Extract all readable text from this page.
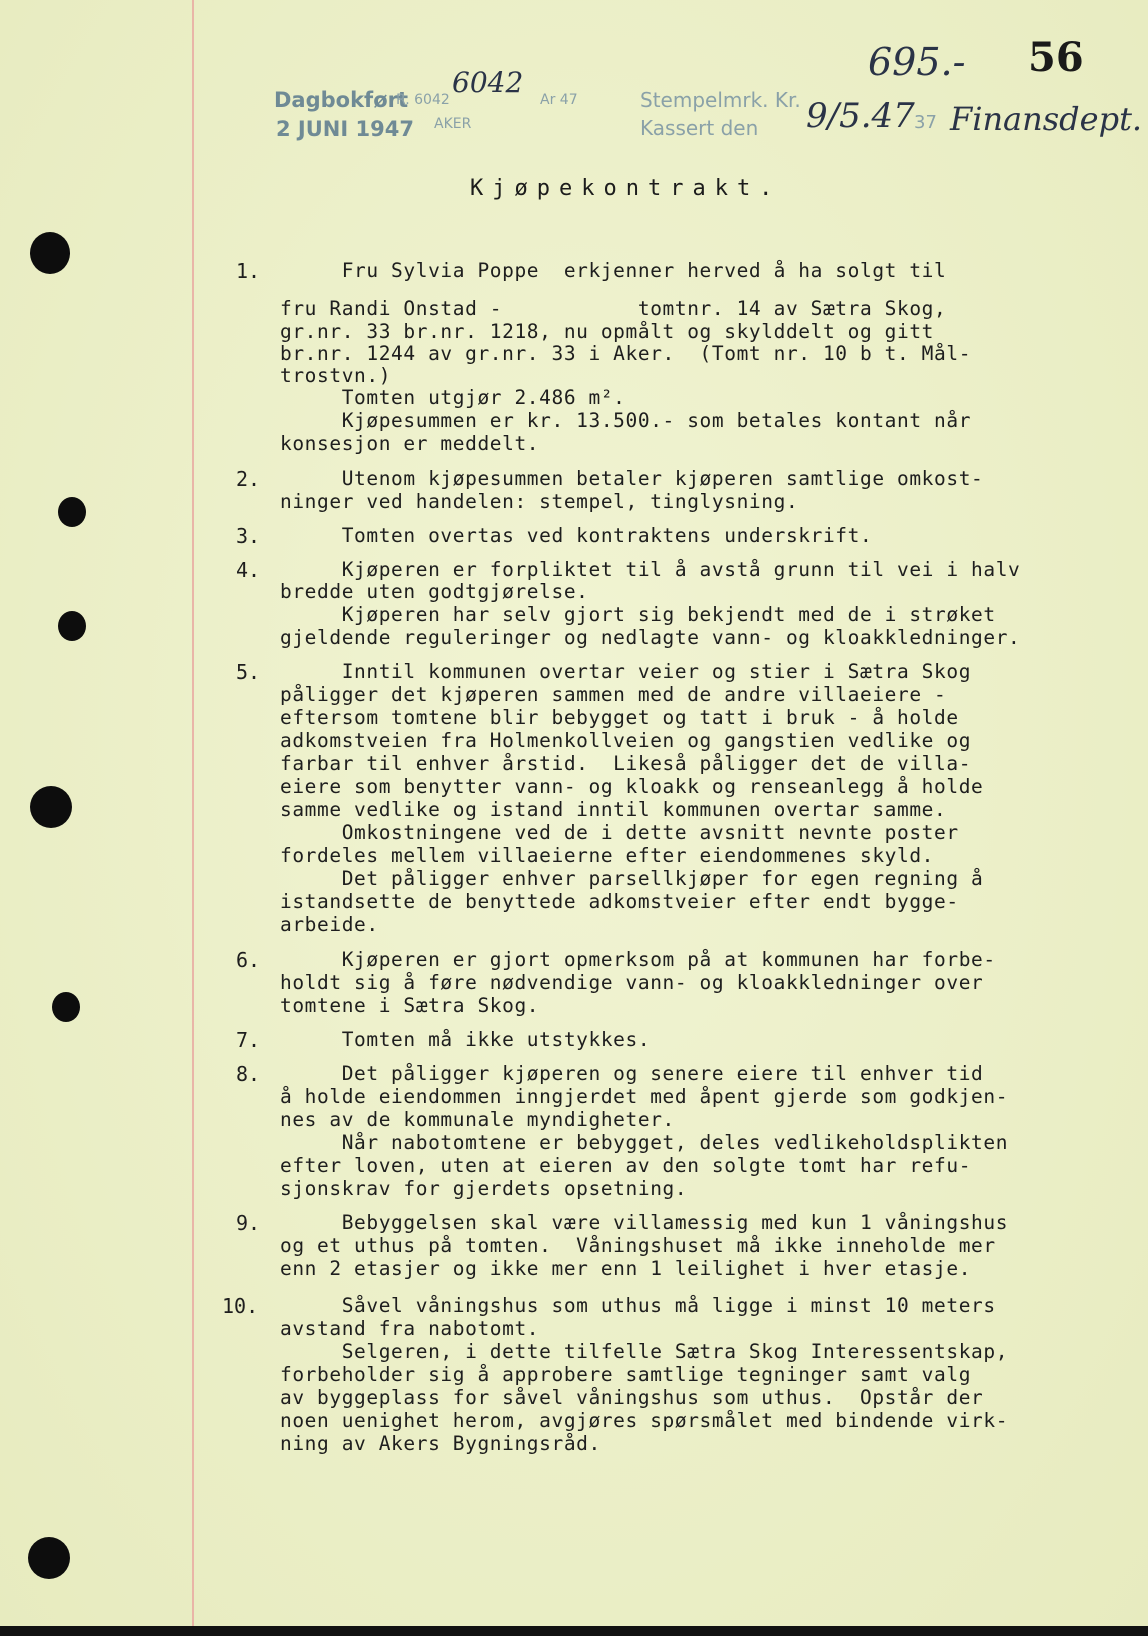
Dagbokført
R. 6042
6042
Ar 47
2 JUNI 1947 AKER
Stempelmrk. Kr.
Kassert den
695.-
9/5.47 37 Finansdept.
56
Kjøpekontrakt.
1. Fru Sylvia Poppe  erkjenner herved å ha solgt til
fru Randi Onstad -           tomtnr. 14 av Sætra Skog,
gr.nr. 33 br.nr. 1218, nu opmålt og skylddelt og gitt
br.nr. 1244 av gr.nr. 33 i Aker.  (Tomt nr. 10 b t. Mål-
trostvn.)
Tomten utgjør 2.486 m².
Kjøpesummen er kr. 13.500.- som betales kontant når
konsesjon er meddelt.
2. Utenom kjøpesummen betaler kjøperen samtlige omkost-
ninger ved handelen: stempel, tinglysning.
3. Tomten overtas ved kontraktens underskrift.
4. Kjøperen er forpliktet til å avstå grunn til vei i halv
bredde uten godtgjørelse.
Kjøperen har selv gjort sig bekjendt med de i strøket
gjeldende reguleringer og nedlagte vann- og kloakkledninger.
5. Inntil kommunen overtar veier og stier i Sætra Skog
påligger det kjøperen sammen med de andre villaeiere -
eftersom tomtene blir bebygget og tatt i bruk - å holde
adkomstveien fra Holmenkollveien og gangstien vedlike og
farbar til enhver årstid.  Likeså påligger det de villa-
eiere som benytter vann- og kloakk og renseanlegg å holde
samme vedlike og istand inntil kommunen overtar samme.
Omkostningene ved de i dette avsnitt nevnte poster
fordeles mellem villaeierne efter eiendommenes skyld.
Det påligger enhver parsellkjøper for egen regning å
istandsette de benyttede adkomstveier efter endt bygge-
arbeide.
6. Kjøperen er gjort opmerksom på at kommunen har forbe-
holdt sig å føre nødvendige vann- og kloakkledninger over
tomtene i Sætra Skog.
7. Tomten må ikke utstykkes.
8. Det påligger kjøperen og senere eiere til enhver tid
å holde eiendommen inngjerdet med åpent gjerde som godkjen-
nes av de kommunale myndigheter.
Når nabotomtene er bebygget, deles vedlikeholdsplikten
efter loven, uten at eieren av den solgte tomt har refu-
sjonskrav for gjerdets opsetning.
9. Bebyggelsen skal være villamessig med kun 1 våningshus
og et uthus på tomten.  Våningshuset må ikke inneholde mer
enn 2 etasjer og ikke mer enn 1 leilighet i hver etasje.
10. Såvel våningshus som uthus må ligge i minst 10 meters
avstand fra nabotomt.
Selgeren, i dette tilfelle Sætra Skog Interessentskap,
forbeholder sig å approbere samtlige tegninger samt valg
av byggeplass for såvel våningshus som uthus.  Opstår der
noen uenighet herom, avgjøres spørsmålet med bindende virk-
ning av Akers Bygningsråd.
